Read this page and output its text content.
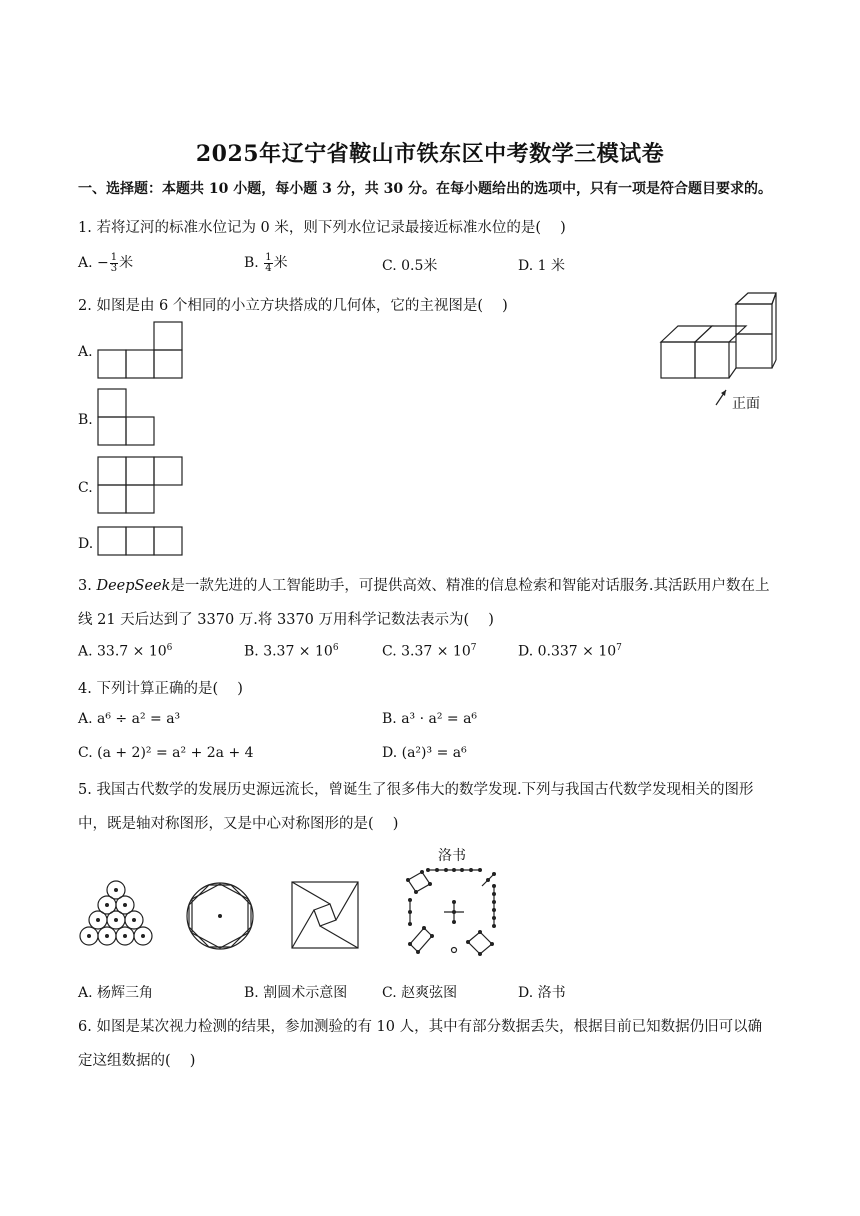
2025年辽宁省鞍山市铁东区中考数学三模试卷
一、选择题：本题共 10 小题，每小题 3 分，共 30 分。在每小题给出的选项中，只有一项是符合题目要求的。
1. 若将辽河的标准水位记为 0 米，则下列水位记录最接近标准水位的是(　 )
A. − $\frac{1}{3}$ 米	B. $\frac{1}{4}$ 米	C. 0.5米	D. 1 米
2. 如图是由 6 个相同的小立方块搭成的几何体，它的主视图是(　 )
A.
B.
C.
D.
正面
3. DeepSeek是一款先进的人工智能助手，可提供高效、精准的信息检索和智能对话服务.其活跃用户数在上
线 21 天后达到了 3370 万.将 3370 万用科学记数法表示为(　 )
A. $33.7 \times 10^6$	B. $3.37 \times 10^6$	C. $3.37 \times 10^7$	D. $0.337 \times 10^7$
4. 下列计算正确的是(　 )
A. a⁶ ÷ a² = a³	B. a³ · a² = a⁶
C. (a + 2)² = a² + 2a + 4	D. (a²)³ = a⁶
5. 我国古代数学的发展历史源远流长，曾诞生了很多伟大的数学发现.下列与我国古代数学发现相关的图形
中，既是轴对称图形，又是中心对称图形的是(　 )
洛书
A. 杨辉三角	B. 割圆术示意图 C. 赵爽弦图	D. 洛书
6. 如图是某次视力检测的结果，参加测验的有 10 人，其中有部分数据丢失，根据目前已知数据仍旧可以确
定这组数据的(　 )
